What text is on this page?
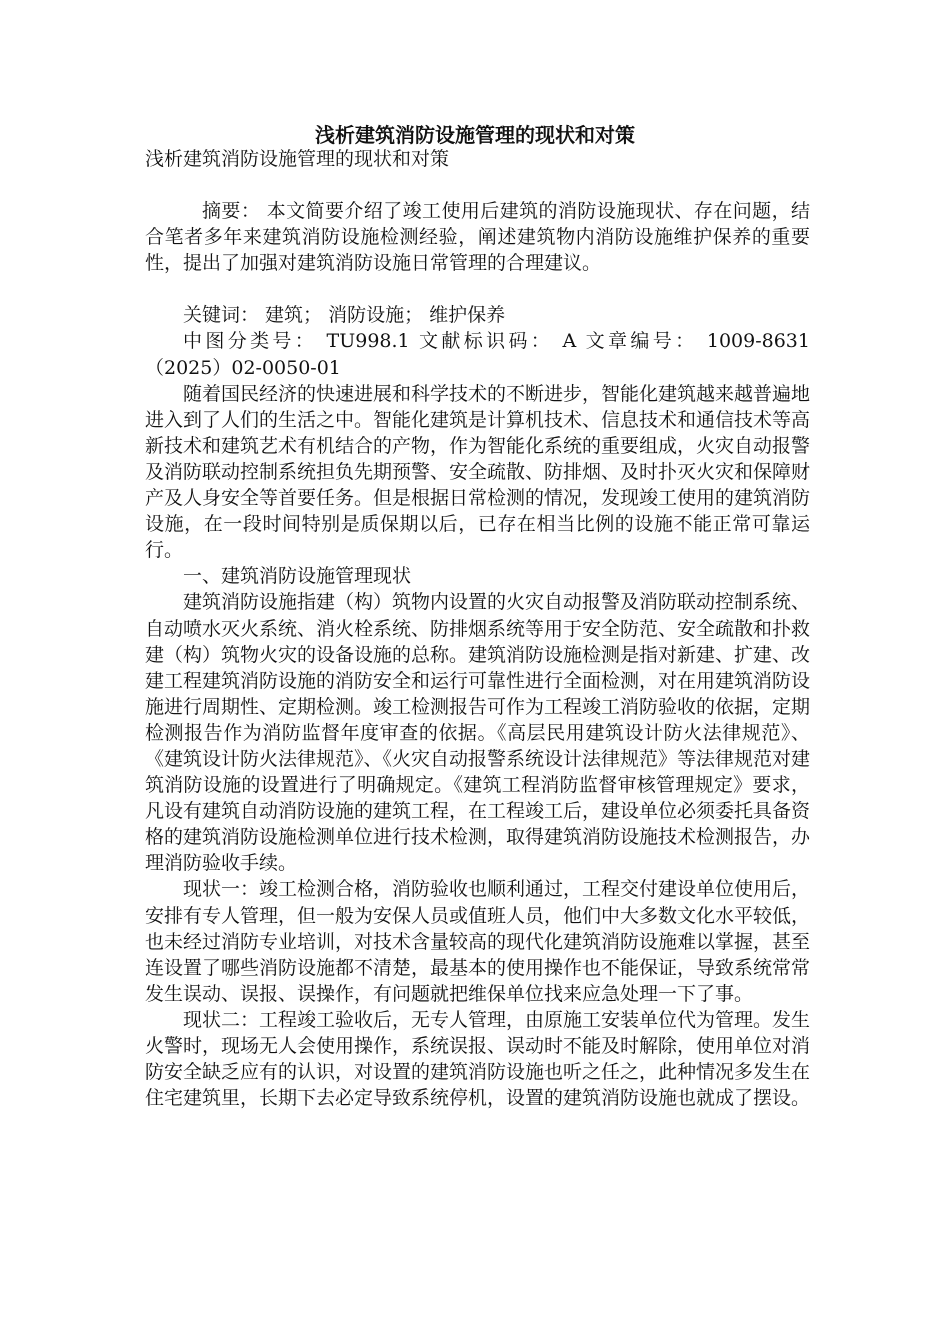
浅析建筑消防设施管理的现状和对策

浅析建筑消防设施管理的现状和对策

摘要： 本文简要介绍了竣工使用后建筑的消防设施现状、存在问题，结合笔者多年来建筑消防设施检测经验，阐述建筑物内消防设施维护保养的重要性，提出了加强对建筑消防设施日常管理的合理建议。

关键词： 建筑； 消防设施； 维护保养

中图分类号： TU998.1 文献标识码： A 文章编号： 1009-8631（2025）02-0050-01

随着国民经济的快速进展和科学技术的不断进步，智能化建筑越来越普遍地进入到了人们的生活之中。智能化建筑是计算机技术、信息技术和通信技术等高新技术和建筑艺术有机结合的产物，作为智能化系统的重要组成，火灾自动报警及消防联动控制系统担负先期预警、安全疏散、防排烟、及时扑灭火灾和保障财产及人身安全等首要任务。但是根据日常检测的情况，发现竣工使用的建筑消防设施，在一段时间特别是质保期以后，已存在相当比例的设施不能正常可靠运行。

一、建筑消防设施管理现状

建筑消防设施指建（构）筑物内设置的火灾自动报警及消防联动控制系统、自动喷水灭火系统、消火栓系统、防排烟系统等用于安全防范、安全疏散和扑救建（构）筑物火灾的设备设施的总称。建筑消防设施检测是指对新建、扩建、改建工程建筑消防设施的消防安全和运行可靠性进行全面检测，对在用建筑消防设施进行周期性、定期检测。竣工检测报告可作为工程竣工消防验收的依据，定期检测报告作为消防监督年度审查的依据。《高层民用建筑设计防火法律规范》、《建筑设计防火法律规范》、《火灾自动报警系统设计法律规范》等法律规范对建筑消防设施的设置进行了明确规定。《建筑工程消防监督审核管理规定》要求，凡设有建筑自动消防设施的建筑工程，在工程竣工后，建设单位必须委托具备资格的建筑消防设施检测单位进行技术检测，取得建筑消防设施技术检测报告，办理消防验收手续。

现状一：竣工检测合格，消防验收也顺利通过，工程交付建设单位使用后，安排有专人管理，但一般为安保人员或值班人员，他们中大多数文化水平较低，也未经过消防专业培训，对技术含量较高的现代化建筑消防设施难以掌握，甚至连设置了哪些消防设施都不清楚，最基本的使用操作也不能保证，导致系统常常发生误动、误报、误操作，有问题就把维保单位找来应急处理一下了事。

现状二：工程竣工验收后，无专人管理，由原施工安装单位代为管理。发生火警时，现场无人会使用操作，系统误报、误动时不能及时解除，使用单位对消防安全缺乏应有的认识，对设置的建筑消防设施也听之任之，此种情况多发生在住宅建筑里，长期下去必定导致系统停机，设置的建筑消防设施也就成了摆设。
